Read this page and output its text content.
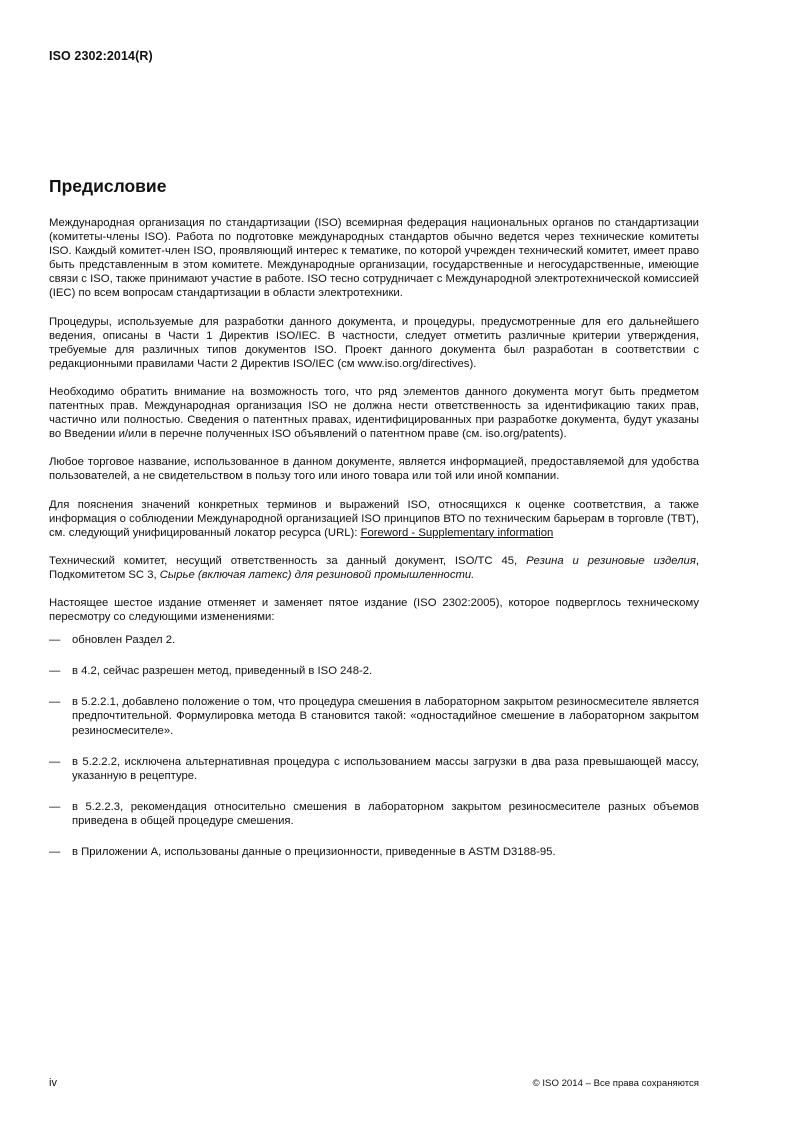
ISO 2302:2014(R)
Предисловие

Международная организация по стандартизации (ISO) всемирная федерация национальных органов по стандартизации (комитеты-члены ISO). Работа по подготовке международных стандартов обычно ведется через технические комитеты ISO. Каждый комитет-член ISO, проявляющий интерес к тематике, по которой учрежден технический комитет, имеет право быть представленным в этом комитете. Международные организации, государственные и негосударственные, имеющие связи с ISO, также принимают участие в работе. ISO тесно сотрудничает с Международной электротехнической комиссией (IEC) по всем вопросам стандартизации в области электротехники.

Процедуры, используемые для разработки данного документа, и процедуры, предусмотренные для его дальнейшего ведения, описаны в Части 1 Директив ISO/IEC. В частности, следует отметить различные критерии утверждения, требуемые для различных типов документов ISO. Проект данного документа был разработан в соответствии с редакционными правилами Части 2 Директив ISO/IEC (см www.iso.org/directives).

Необходимо обратить внимание на возможность того, что ряд элементов данного документа могут быть предметом патентных прав. Международная организация ISO не должна нести ответственность за идентификацию таких прав, частично или полностью. Сведения о патентных правах, идентифицированных при разработке документа, будут указаны во Введении и/или в перечне полученных ISO объявлений о патентном праве (см. iso.org/patents).

Любое торговое название, использованное в данном документе, является информацией, предоставляемой для удобства пользователей, а не свидетельством в пользу того или иного товара или той или иной компании.

Для пояснения значений конкретных терминов и выражений ISO, относящихся к оценке соответствия, а также информация о соблюдении Международной организацией ISO принципов ВТО по техническим барьерам в торговле (TBT), см. следующий унифицированный локатор ресурса (URL): Foreword - Supplementary information

Технический комитет, несущий ответственность за данный документ, ISO/TC 45, Резина и резиновые изделия, Подкомитетом SC 3, Сырье (включая латекс) для резиновой промышленности.

Настоящее шестое издание отменяет и заменяет пятое издание (ISO 2302:2005), которое подверглось техническому пересмотру со следующими изменениями:

— обновлен Раздел 2.
— в 4.2, сейчас разрешен метод, приведенный в ISO 248-2.
— в 5.2.2.1, добавлено положение о том, что процедура смешения в лабораторном закрытом резиносмесителе является предпочтительной. Формулировка метода В становится такой: «одностадийное смешение в лабораторном закрытом резиносмесителе».
— в 5.2.2.2, исключена альтернативная процедура с использованием массы загрузки в два раза превышающей массу, указанную в рецептуре.
— в 5.2.2.3, рекомендация относительно смешения в лабораторном закрытом резиносмесителе разных объемов приведена в общей процедуре смешения.
— в Приложении А, использованы данные о прецизионности, приведенные в ASTM D3188-95.
iv	© ISO 2014 – Все права сохраняются
